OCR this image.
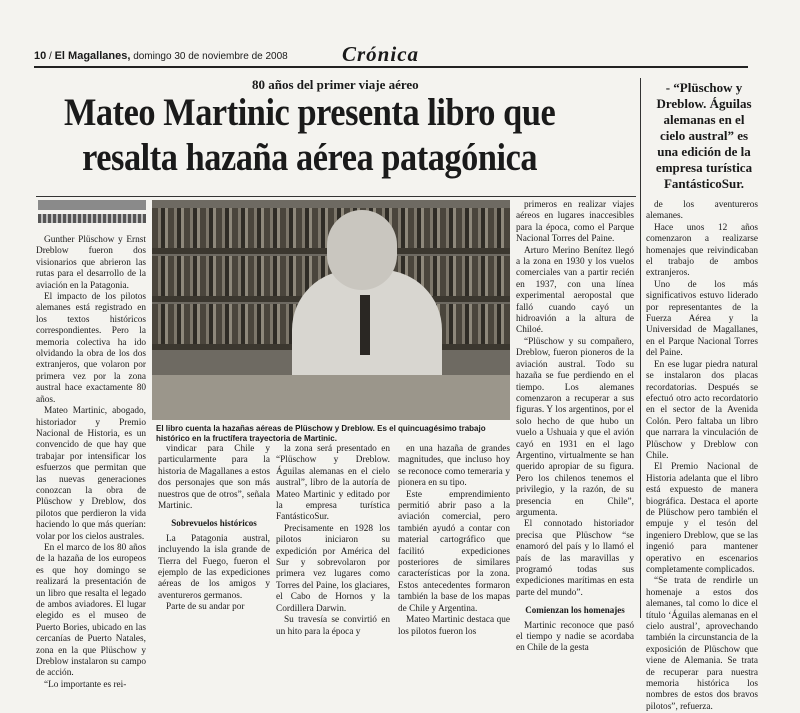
10 / El Magallanes, domingo 30 de noviembre de 2008	Crónica
80 años del primer viaje aéreo
Mateo Martinic presenta libro que resalta hazaña aérea patagónica
- “Plüschow y Dreblow. Águilas alemanas en el cielo austral” es una edición de la empresa turística FantásticoSur.
El libro cuenta la hazañas aéreas de Plüschow y Dreblow. Es el quincuagésimo trabajo histórico en la fructífera trayectoria de Martinic.

Gunther Plüschow y Ernst Dreblow fueron dos visionarios que abrieron las rutas para el desarrollo de la aviación en la Patagonia.

El impacto de los pilotos alemanes está registrado en los textos históricos correspondientes. Pero la memoria colectiva ha ido olvidando la obra de los dos extranjeros, que volaron por primera vez por la zona austral hace exactamente 80 años.

Mateo Martinic, abogado, historiador y Premio Nacional de Historia, es un convencido de que hay que trabajar por intensificar los esfuerzos que permitan que las nuevas generaciones conozcan la obra de Plüschow y Dreblow, dos pilotos que perdieron la vida haciendo lo que más querían: volar por los cielos australes.

En el marco de los 80 años de la hazaña de los europeos es que hoy domingo se realizará la presentación de un libro que resalta el legado de ambos aviadores. El lugar elegido es el museo de Puerto Bories, ubicado en las cercanías de Puerto Natales, zona en la que Plüschow y Dreblow instalaron su campo de acción.

“Lo importante es rei-

vindicar para Chile y particularmente para la historia de Magallanes a estos dos personajes que son más nuestros que de otros”, señala Martinic.

Sobrevuelos históricos

La Patagonia austral, incluyendo la isla grande de Tierra del Fuego, fueron el ejemplo de las expediciones aéreas de los amigos y aventureros germanos.

Parte de su andar por

la zona será presentado en “Plüschow y Dreblow. Águilas alemanas en el cielo austral”, libro de la autoría de Mateo Martinic y editado por la empresa turística FantásticoSur.

Precisamente en 1928 los pilotos iniciaron su expedición por América del Sur y sobrevolaron por primera vez lugares como Torres del Paine, los glaciares, el Cabo de Hornos y la Cordillera Darwin.

Su travesía se convirtió en un hito para la época y

en una hazaña de grandes magnitudes, que incluso hoy se reconoce como temeraria y pionera en su tipo.

Este emprendimiento permitió abrir paso a la aviación comercial, pero también ayudó a contar con material cartográfico que facilitó expediciones posteriores de similares características por la zona. Estos antecedentes formaron también la base de los mapas de Chile y Argentina.

Mateo Martinic destaca que los pilotos fueron los

primeros en realizar viajes aéreos en lugares inaccesibles para la época, como el Parque Nacional Torres del Paine.

Arturo Merino Benítez llegó a la zona en 1930 y los vuelos comerciales van a partir recién en 1937, con una línea experimental aeropostal que falló cuando cayó un hidroavión a la altura de Chiloé.

“Plüschow y su compañero, Dreblow, fueron pioneros de la aviación austral. Todo su hazaña se fue perdiendo en el tiempo. Los alemanes comenzaron a recuperar a sus figuras. Y los argentinos, por el solo hecho de que hubo un vuelo a Ushuaia y que el avión cayó en 1931 en el lago Argentino, virtualmente se han querido apropiar de su figura. Pero los chilenos tenemos el privilegio, y la razón, de su presencia en Chile”, argumenta.

El connotado historiador precisa que Plüschow “se enamoró del país y lo llamó el país de las maravillas y programó todas sus expediciones marítimas en esta parte del mundo”.

Comienzan los homenajes

Martinic reconoce que pasó el tiempo y nadie se acordaba en Chile de la gesta

de los aventureros alemanes.

Hace unos 12 años comenzaron a realizarse homenajes que reivindicaban el trabajo de ambos extranjeros.

Uno de los más significativos estuvo liderado por representantes de la Fuerza Aérea y la Universidad de Magallanes, en el Parque Nacional Torres del Paine.

En ese lugar piedra natural se instalaron dos placas recordatorias. Después se efectuó otro acto recordatorio en el sector de la Avenida Colón. Pero faltaba un libro que narrara la vinculación de Plüschow y Dreblow con Chile.

El Premio Nacional de Historia adelanta que el libro está expuesto de manera biográfica. Destaca el aporte de Plüschow pero también el empuje y el tesón del ingeniero Dreblow, que se las ingenió para mantener operativo en escenarios completamente complicados.

“Se trata de rendirle un homenaje a estos dos alemanes, tal como lo dice el título ‘Águilas alemanas en el cielo austral’, aprovechando también la circunstancia de la exposición de Plüschow que viene de Alemania. Se trata de recuperar para nuestra memoria histórica los nombres de estos dos bravos pilotos”, refuerza.
